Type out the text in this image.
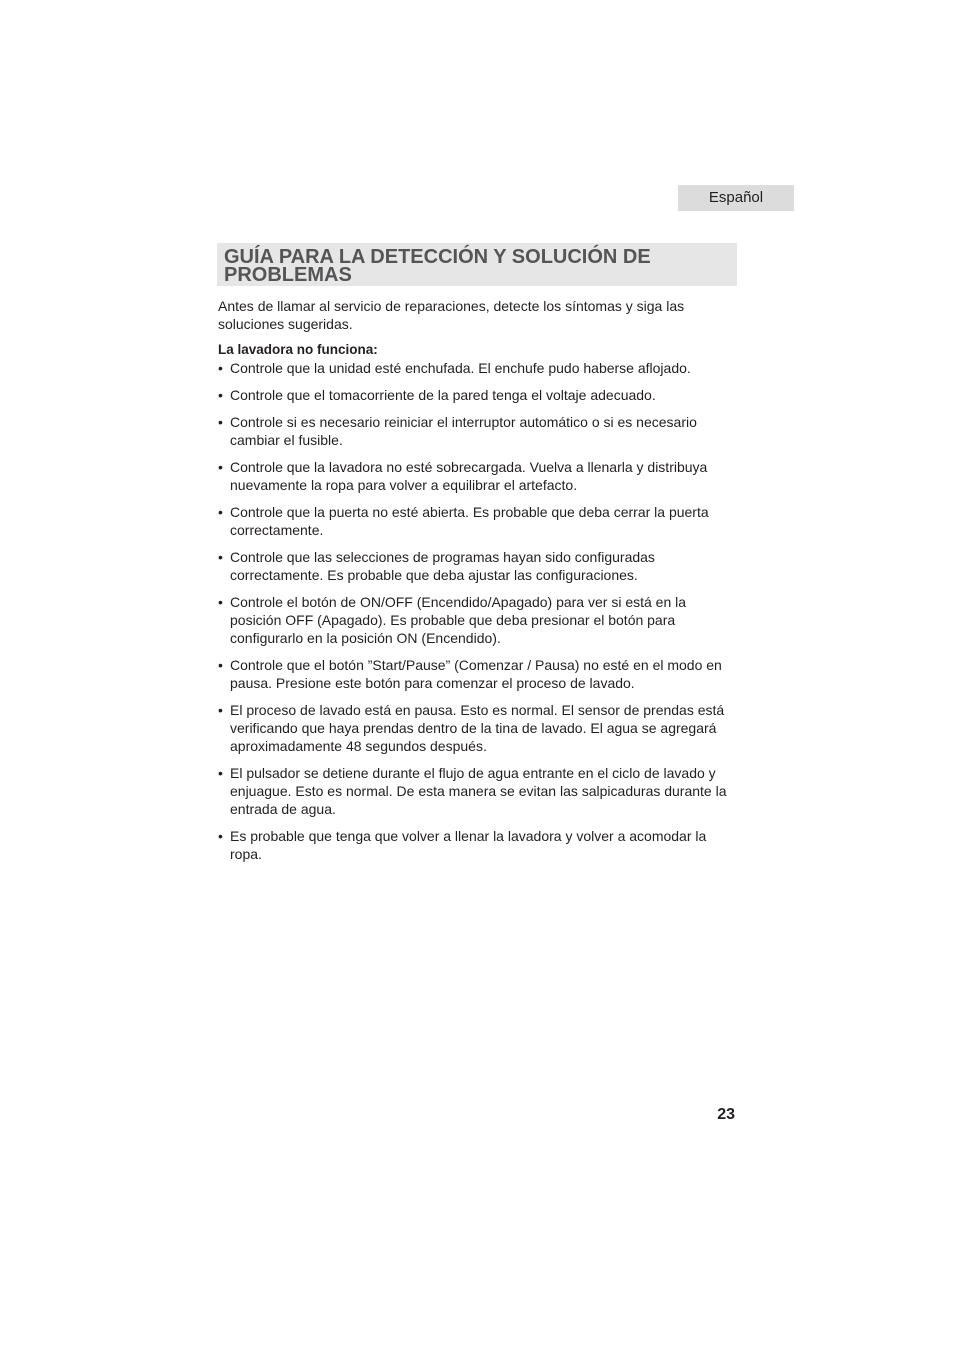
Español
GUÍA PARA LA DETECCIÓN Y SOLUCIÓN DE PROBLEMAS

Antes de llamar al servicio de reparaciones, detecte los síntomas y siga las soluciones sugeridas.

La lavadora no funciona:

• Controle que la unidad esté enchufada. El enchufe pudo haberse aflojado.
• Controle que el tomacorriente de la pared tenga el voltaje adecuado.
• Controle si es necesario reiniciar el interruptor automático o si es necesario cambiar el fusible.
• Controle que la lavadora no esté sobrecargada. Vuelva a llenarla y distribuya nuevamente la ropa para volver a equilibrar el artefacto.
• Controle que la puerta no esté abierta. Es probable que deba cerrar la puerta correctamente.
• Controle que las selecciones de programas hayan sido configuradas correctamente. Es probable que deba ajustar las configuraciones.
• Controle el botón de ON/OFF (Encendido/Apagado) para ver si está en la posición OFF (Apagado). Es probable que deba presionar el botón para configurarlo en la posición ON (Encendido).
• Controle que el botón ”Start/Pause” (Comenzar / Pausa) no esté en el modo en pausa. Presione este botón para comenzar el proceso de lavado.
• El proceso de lavado está en pausa. Esto es normal. El sensor de prendas está verificando que haya prendas dentro de la tina de lavado. El agua se agregará aproximadamente 48 segundos después.
• El pulsador se detiene durante el flujo de agua entrante en el ciclo de lavado y enjuague. Esto es normal. De esta manera se evitan las salpicaduras durante la entrada de agua.
• Es probable que tenga que volver a llenar la lavadora y volver a acomodar la ropa.
23
